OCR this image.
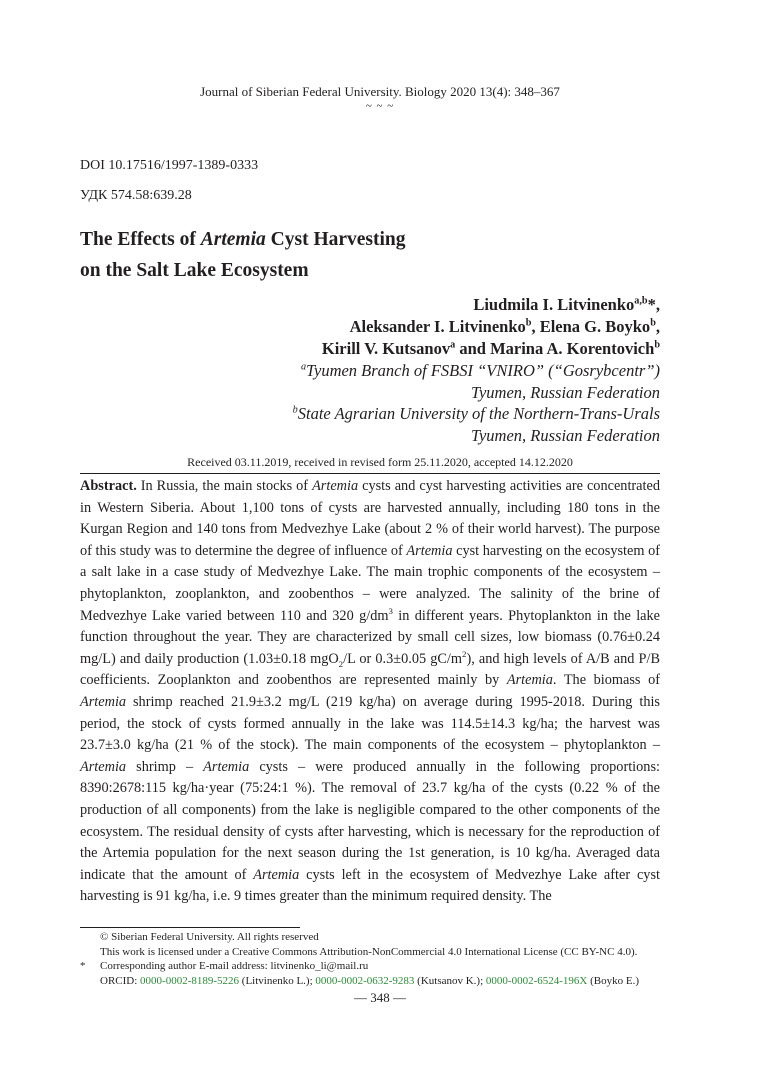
Journal of Siberian Federal University. Biology 2020 13(4): 348–367
~ ~ ~
DOI 10.17516/1997-1389-0333
УДК 574.58:639.28
The Effects of Artemia Cyst Harvesting
on the Salt Lake Ecosystem
Liudmila I. Litvinenko$^{a,b}$*,
Aleksander I. Litvinenko$^b$, Elena G. Boyko$^b$,
Kirill V. Kutsanov$^a$ and Marina A. Korentovich$^b$
$^a$Tyumen Branch of FSBSI “VNIRO” (“Gosrybcentr”)
Tyumen, Russian Federation
$^b$State Agrarian University of the Northern-Trans-Urals
Tyumen, Russian Federation
Received 03.11.2019, received in revised form 25.11.2020, accepted 14.12.2020

Abstract. In Russia, the main stocks of Artemia cysts and cyst harvesting activities are concentrated in Western Siberia. About 1,100 tons of cysts are harvested annually, including 180 tons in the Kurgan Region and 140 tons from Medvezhye Lake (about 2 % of their world harvest). The purpose of this study was to determine the degree of influence of Artemia cyst harvesting on the ecosystem of a salt lake in a case study of Medvezhye Lake. The main trophic components of the ecosystem – phytoplankton, zooplankton, and zoobenthos – were analyzed. The salinity of the brine of Medvezhye Lake varied between 110 and 320 $g/dm^3$ in different years. Phytoplankton in the lake function throughout the year. They are characterized by small cell sizes, low biomass (0.76±0.24 mg/L) and daily production (1.03±0.18 mgO$_2$/L or 0.3±0.05 $gC/m^2$), and high levels of A/B and P/B coefficients. Zooplankton and zoobenthos are represented mainly by Artemia. The biomass of Artemia shrimp reached 21.9±3.2 mg/L (219 kg/ha) on average during 1995-2018. During this period, the stock of cysts formed annually in the lake was 114.5±14.3 kg/ha; the harvest was 23.7±3.0 kg/ha (21 % of the stock). The main components of the ecosystem – phytoplankton – Artemia shrimp – Artemia cysts – were produced annually in the following proportions: 8390:2678:115 kg/ha·year (75:24:1 %). The removal of 23.7 kg/ha of the cysts (0.22 % of the production of all components) from the lake is negligible compared to the other components of the ecosystem. The residual density of cysts after harvesting, which is necessary for the reproduction of the Artemia population for the next season during the 1st generation, is 10 kg/ha. Averaged data indicate that the amount of Artemia cysts left in the ecosystem of Medvezhye Lake after cyst harvesting is 91 kg/ha, i.e. 9 times greater than the minimum required density. The

© Siberian Federal University. All rights reserved
This work is licensed under a Creative Commons Attribution-NonCommercial 4.0 International License (CC BY-NC 4.0).
* Corresponding author E-mail address: litvinenko_li@mail.ru
ORCID: 0000-0002-8189-5226 (Litvinenko L.); 0000-0002-0632-9283 (Kutsanov K.); 0000-0002-6524-196X (Boyko E.)
— 348 —
